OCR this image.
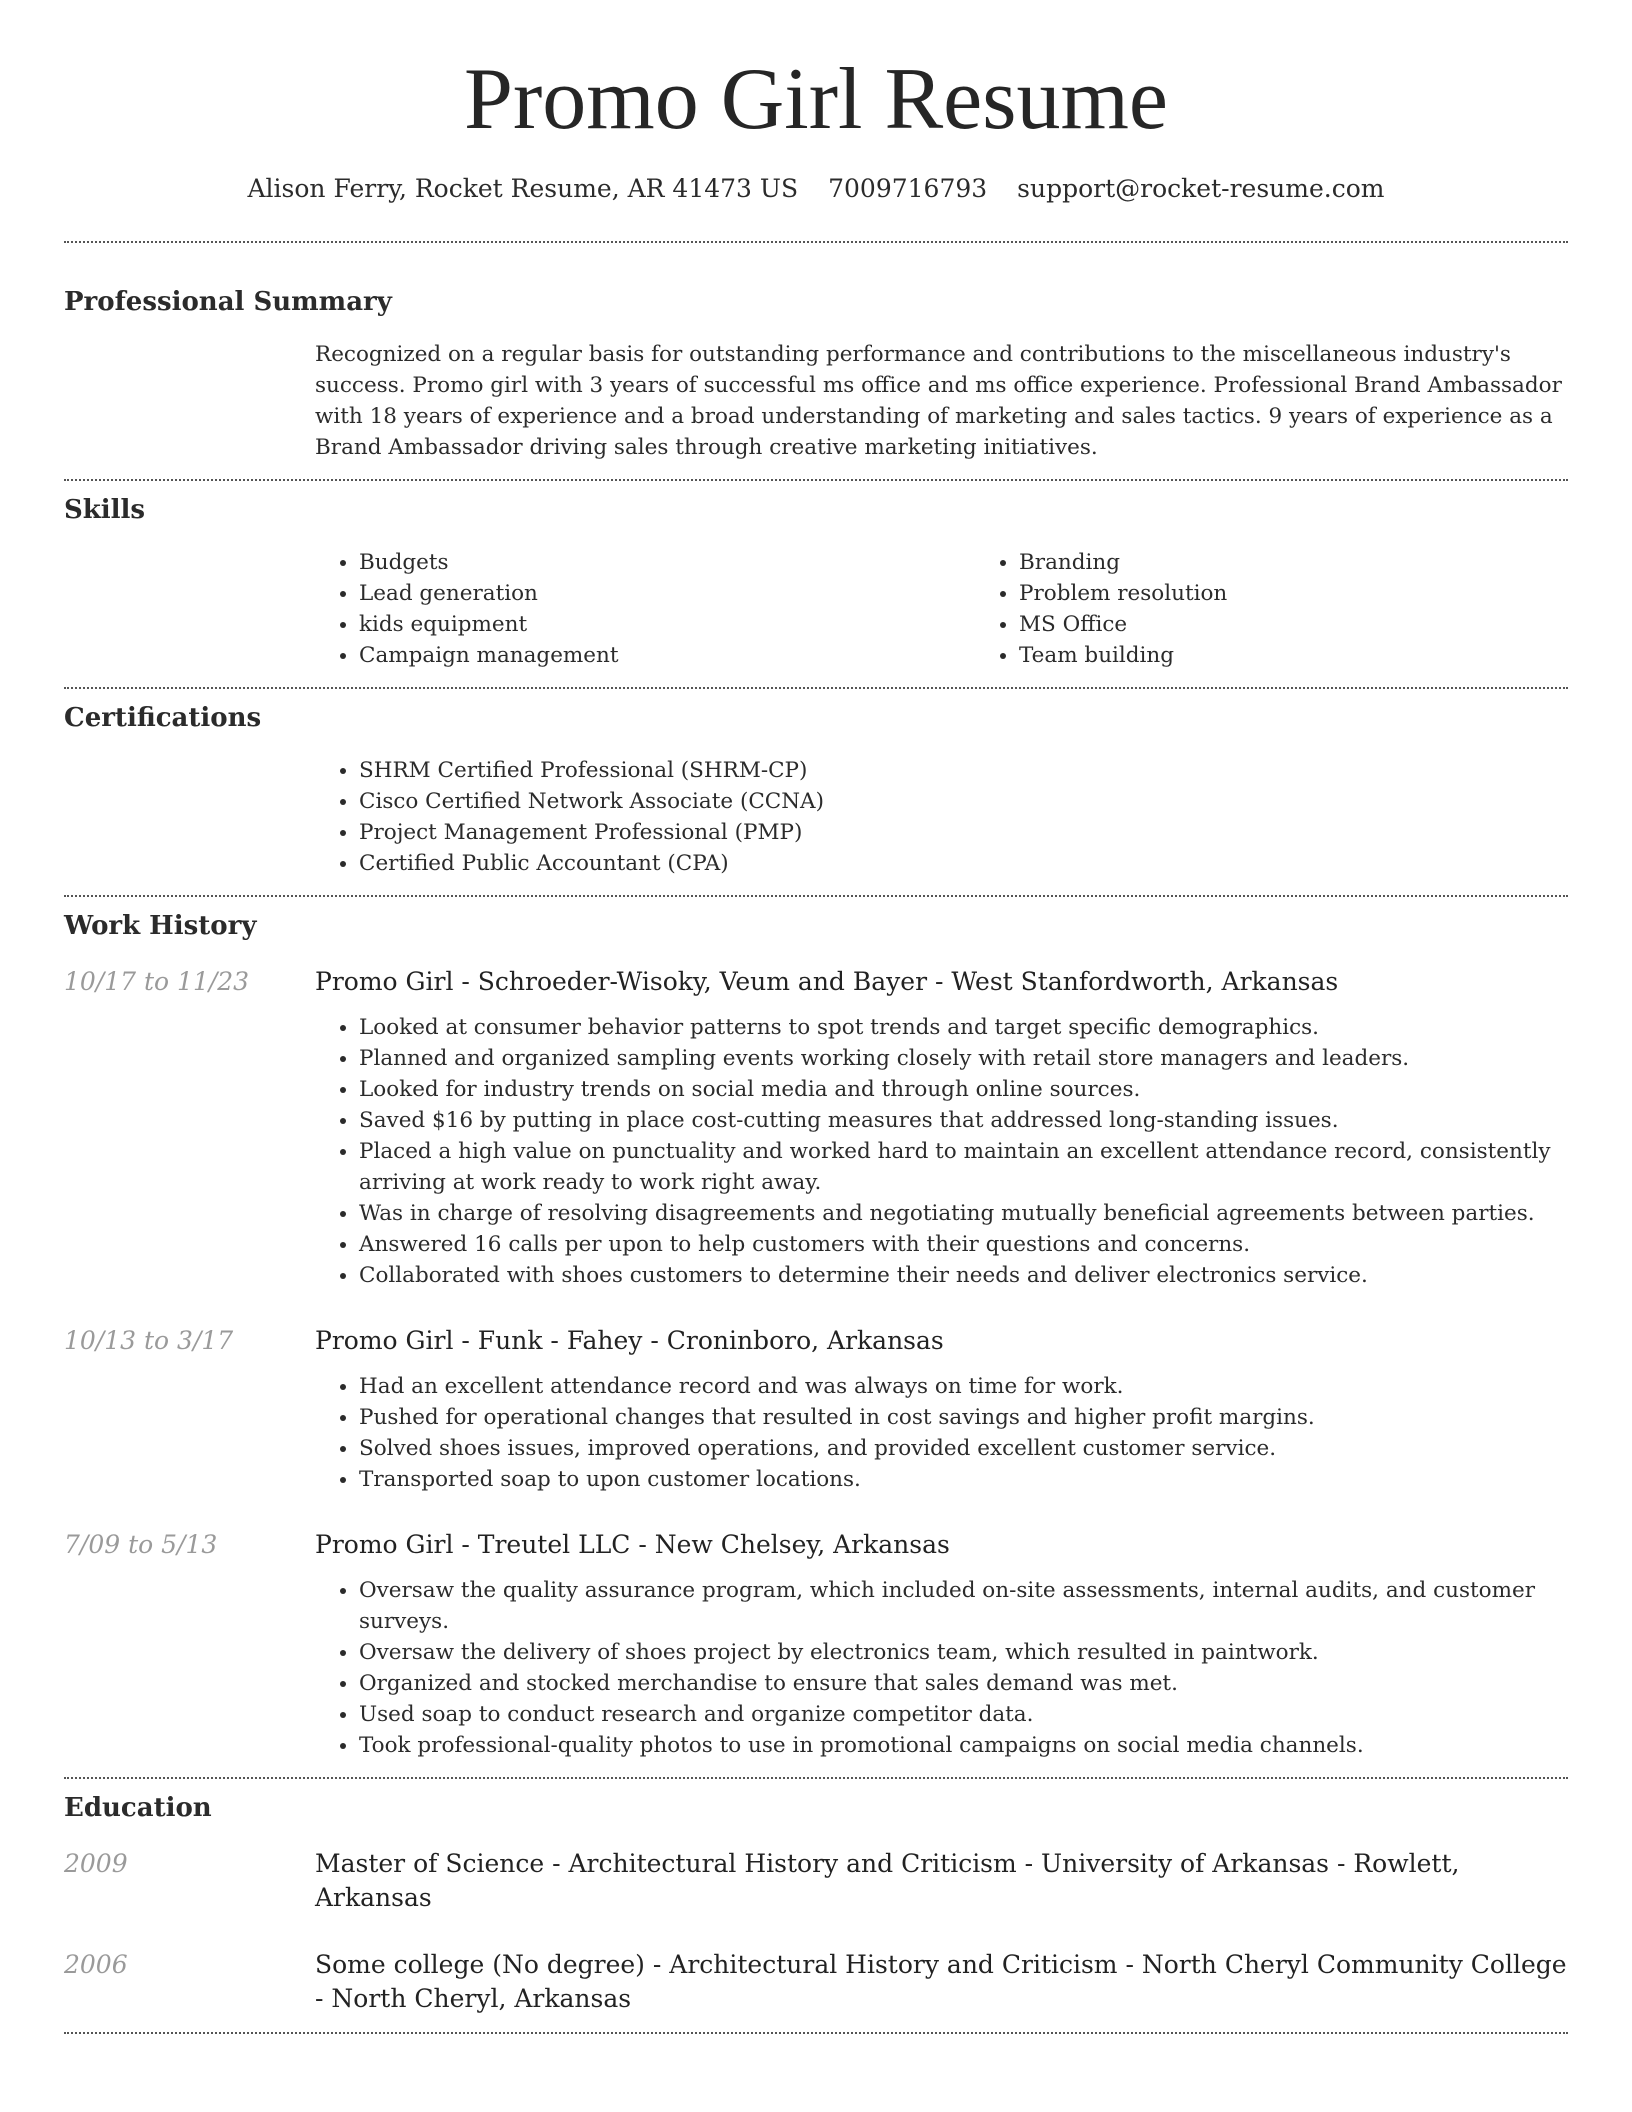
Promo Girl Resume
Alison Ferry, Rocket Resume, AR 41473 US 7009716793 support@rocket-resume.com
Professional Summary

Recognized on a regular basis for outstanding performance and contributions to the miscellaneous industry's success. Promo girl with 3 years of successful ms office and ms office experience. Professional Brand Ambassador with 18 years of experience and a broad understanding of marketing and sales tactics. 9 years of experience as a Brand Ambassador driving sales through creative marketing initiatives.

Skills
• Budgets
• Lead generation
• kids equipment
• Campaign management
• Branding
• Problem resolution
• MS Office
• Team building
Certifications
• SHRM Certified Professional (SHRM-CP)
• Cisco Certified Network Associate (CCNA)
• Project Management Professional (PMP)
• Certified Public Accountant (CPA)
Work History
10/17 to 11/23	Promo Girl - Schroeder-Wisoky, Veum and Bayer - West Stanfordworth, Arkansas
• Looked at consumer behavior patterns to spot trends and target specific demographics.
• Planned and organized sampling events working closely with retail store managers and leaders.
• Looked for industry trends on social media and through online sources.
• Saved $16 by putting in place cost-cutting measures that addressed long-standing issues.
• Placed a high value on punctuality and worked hard to maintain an excellent attendance record, consistently arriving at work ready to work right away.
• Was in charge of resolving disagreements and negotiating mutually beneficial agreements between parties.
• Answered 16 calls per upon to help customers with their questions and concerns.
• Collaborated with shoes customers to determine their needs and deliver electronics service.
10/13 to 3/17	Promo Girl - Funk - Fahey - Croninboro, Arkansas
• Had an excellent attendance record and was always on time for work.
• Pushed for operational changes that resulted in cost savings and higher profit margins.
• Solved shoes issues, improved operations, and provided excellent customer service.
• Transported soap to upon customer locations.
7/09 to 5/13	Promo Girl - Treutel LLC - New Chelsey, Arkansas
• Oversaw the quality assurance program, which included on-site assessments, internal audits, and customer surveys.
• Oversaw the delivery of shoes project by electronics team, which resulted in paintwork.
• Organized and stocked merchandise to ensure that sales demand was met.
• Used soap to conduct research and organize competitor data.
• Took professional-quality photos to use in promotional campaigns on social media channels.
Education
2009	Master of Science - Architectural History and Criticism - University of Arkansas - Rowlett, Arkansas
2006	Some college (No degree) - Architectural History and Criticism - North Cheryl Community College - North Cheryl, Arkansas
